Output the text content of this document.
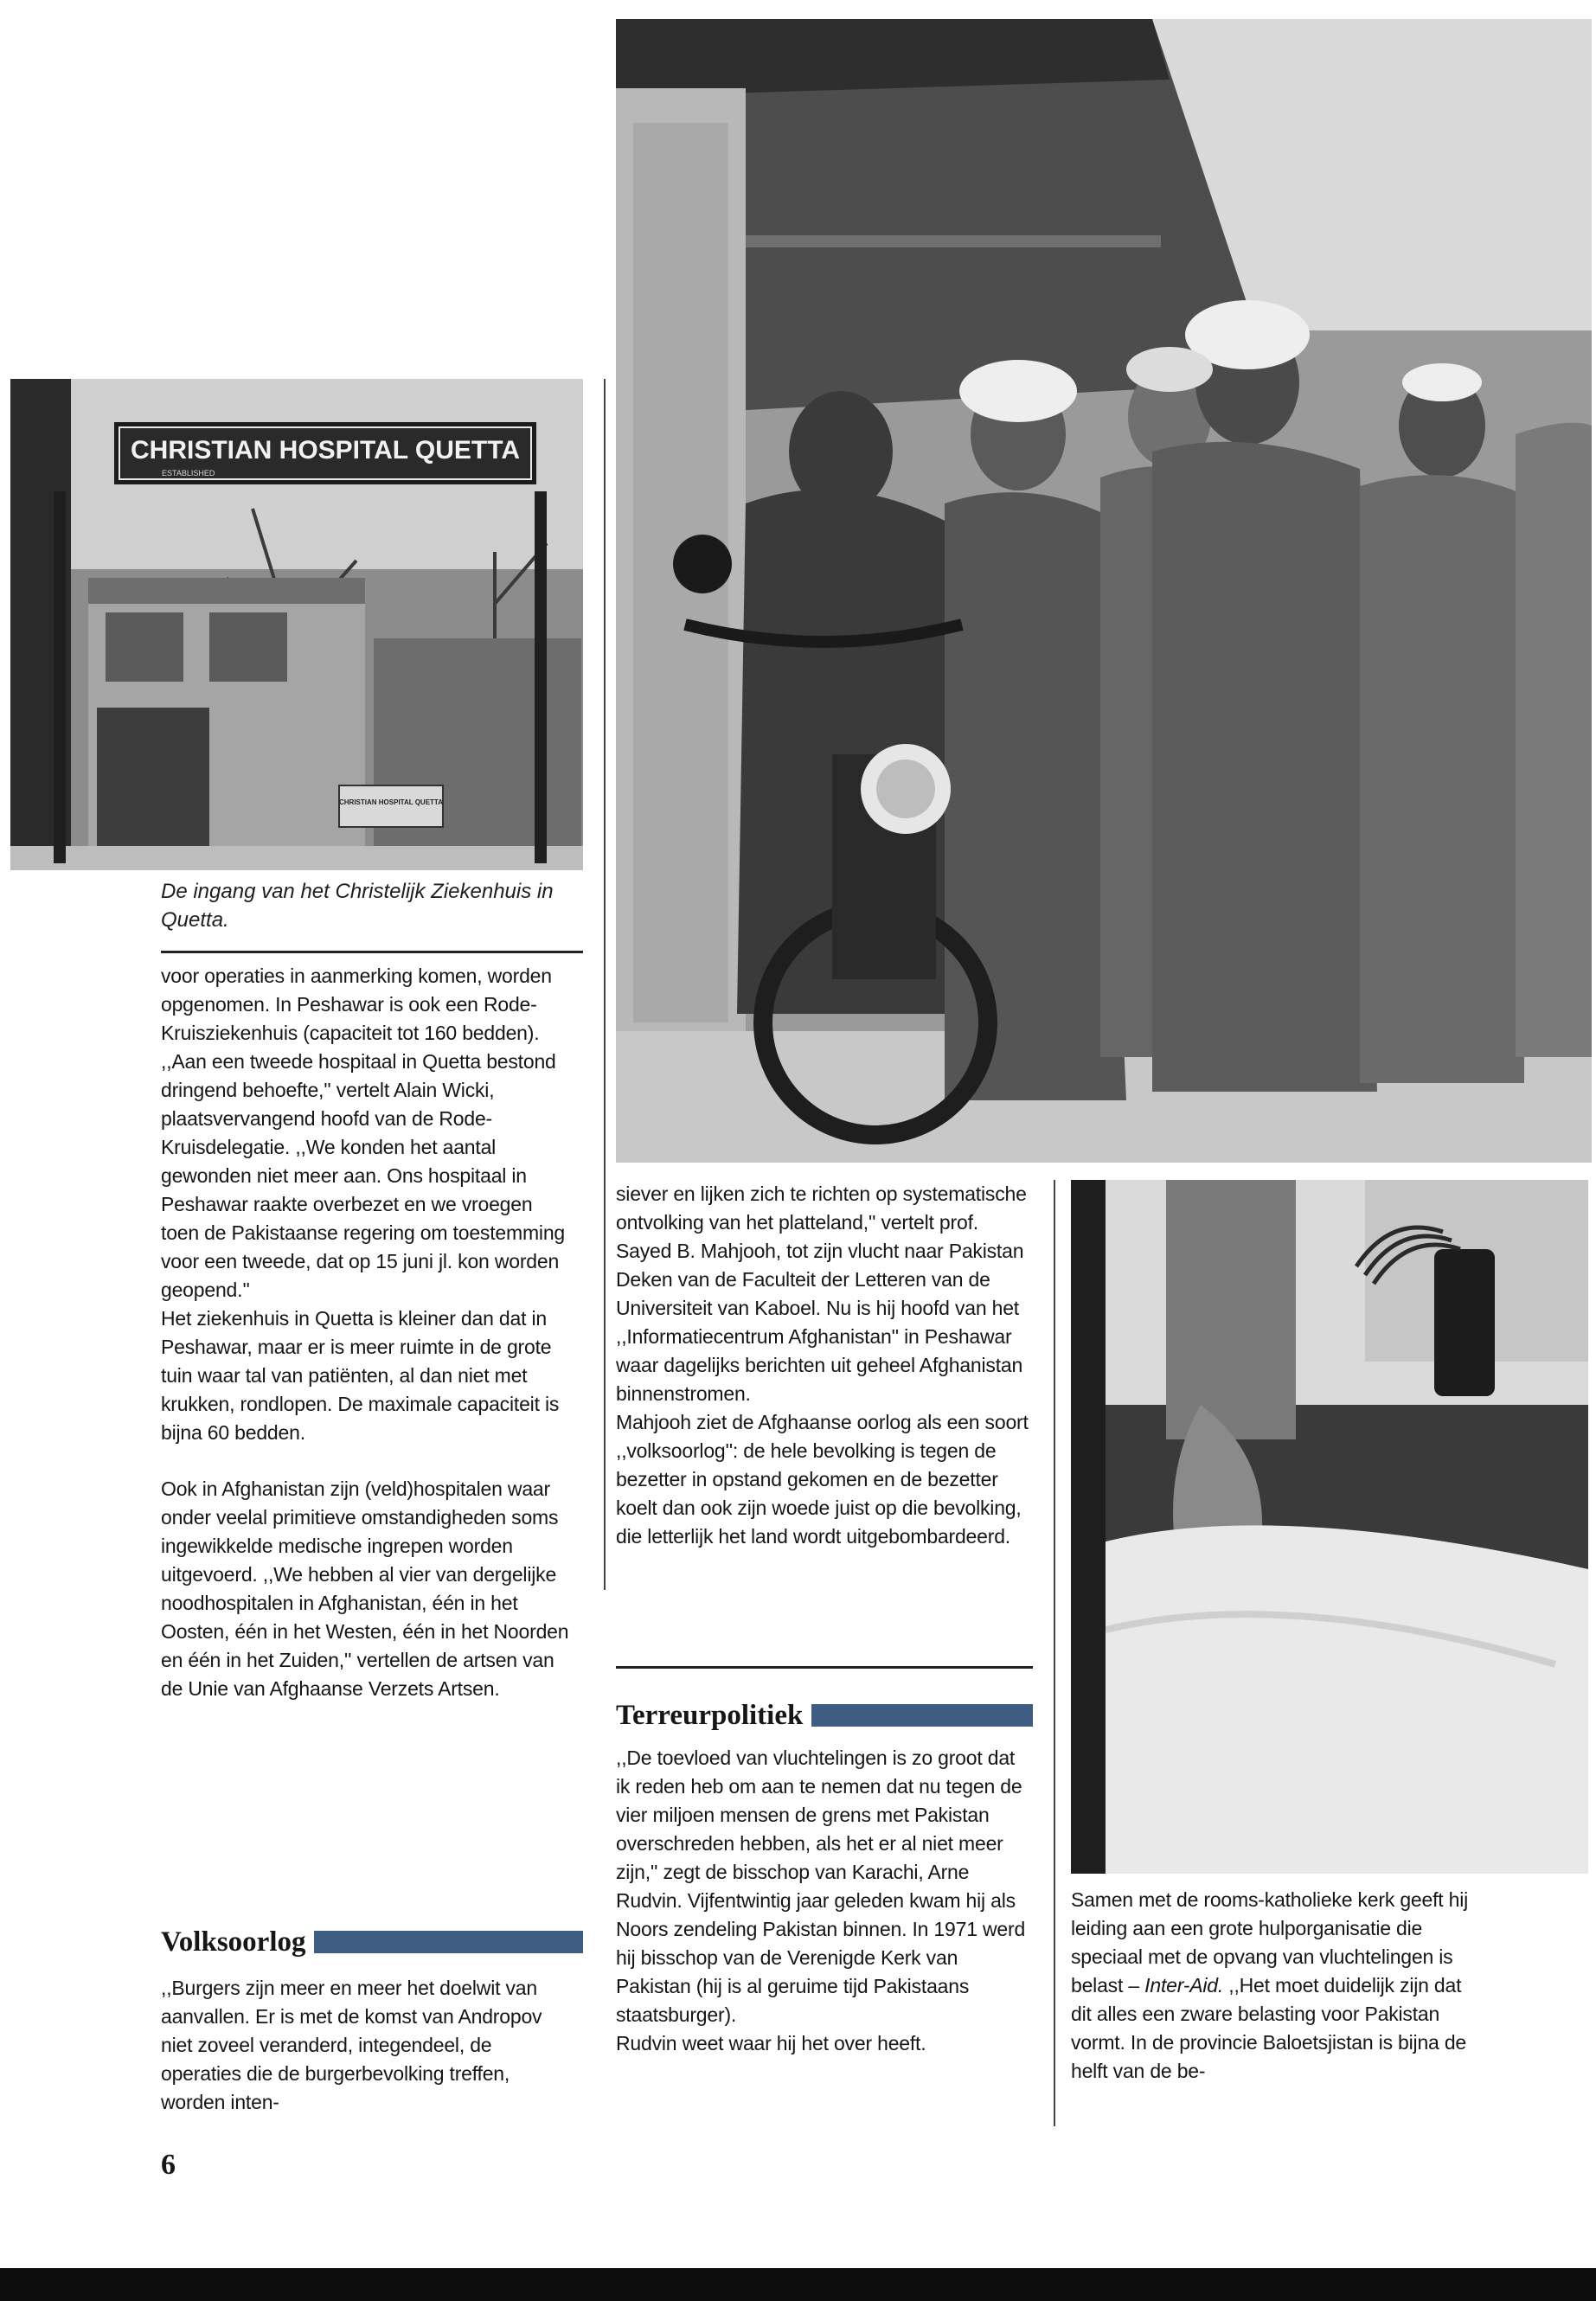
CHRISTIAN HOSPITAL QUETTA
ESTABLISHED
CHRISTIAN HOSPITAL QUETTA
De ingang van het Christelijk Ziekenhuis in Quetta.

voor operaties in aanmerking komen, worden opgenomen. In Peshawar is ook een Rode-Kruisziekenhuis (capaciteit tot 160 bedden).

,,Aan een tweede hospitaal in Quetta bestond dringend behoefte,'' vertelt Alain Wicki, plaatsvervangend hoofd van de Rode-Kruisdelegatie. ,,We konden het aantal gewonden niet meer aan. Ons hospitaal in Peshawar raakte overbezet en we vroegen toen de Pakistaanse regering om toestemming voor een tweede, dat op 15 juni jl. kon worden geopend.''

Het ziekenhuis in Quetta is kleiner dan dat in Peshawar, maar er is meer ruimte in de grote tuin waar tal van patiënten, al dan niet met krukken, rondlopen. De maximale capaciteit is bijna 60 bedden.

Ook in Afghanistan zijn (veld)hospitalen waar onder veelal primitieve omstandigheden soms ingewikkelde medische ingrepen worden uitgevoerd. ,,We hebben al vier van dergelijke noodhospitalen in Afghanistan, één in het Oosten, één in het Westen, één in het Noorden en één in het Zuiden,'' vertellen de artsen van de Unie van Afghaanse Verzets Artsen.

Volksoorlog

,,Burgers zijn meer en meer het doelwit van aanvallen. Er is met de komst van Andropov niet zoveel veranderd, integendeel, de operaties die de burgerbevolking treffen, worden inten-

siever en lijken zich te richten op systematische ontvolking van het platteland,'' vertelt prof. Sayed B. Mahjooh, tot zijn vlucht naar Pakistan Deken van de Faculteit der Letteren van de Universiteit van Kaboel. Nu is hij hoofd van het ,,Informatiecentrum Afghanistan'' in Peshawar waar dagelijks berichten uit geheel Afghanistan binnenstromen.

Mahjooh ziet de Afghaanse oorlog als een soort ,,volksoorlog'': de hele bevolking is tegen de bezetter in opstand gekomen en de bezetter koelt dan ook zijn woede juist op die bevolking, die letterlijk het land wordt uitgebombardeerd.

Terreurpolitiek

,,De toevloed van vluchtelingen is zo groot dat ik reden heb om aan te nemen dat nu tegen de vier miljoen mensen de grens met Pakistan overschreden hebben, als het er al niet meer zijn,'' zegt de bisschop van Karachi, Arne Rudvin. Vijfentwintig jaar geleden kwam hij als Noors zendeling Pakistan binnen. In 1971 werd hij bisschop van de Verenigde Kerk van Pakistan (hij is al geruime tijd Pakistaans staatsburger).

Rudvin weet waar hij het over heeft.

Samen met de rooms-katholieke kerk geeft hij leiding aan een grote hulporganisatie die speciaal met de opvang van vluchtelingen is belast – Inter-Aid. ,,Het moet duidelijk zijn dat dit alles een zware belasting voor Pakistan vormt. In de provincie Baloetsjistan is bijna de helft van de be-

6
